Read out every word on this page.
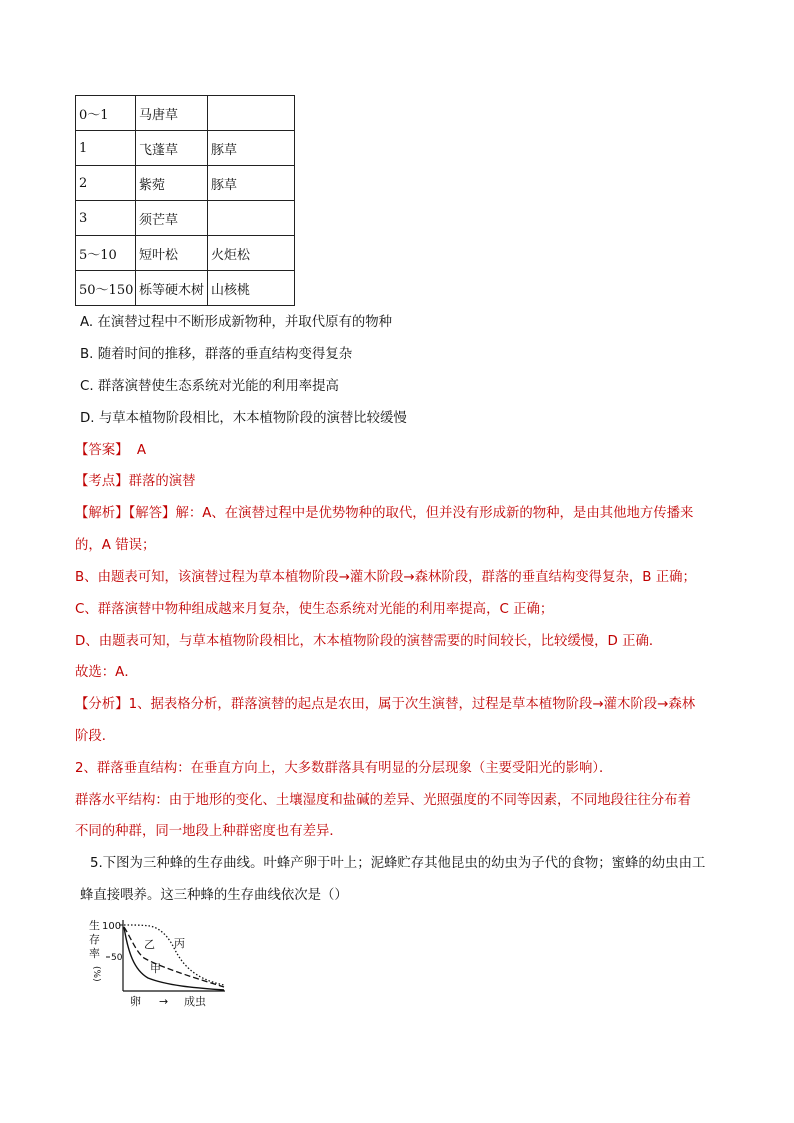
0～1	马唐草	
1	飞蓬草	豚草
2	紫菀	豚草
3	须芒草	
5～10	短叶松	火炬松
50～150	栎等硬木树	山核桃
A. 在演替过程中不断形成新物种，并取代原有的物种
B. 随着时间的推移，群落的垂直结构变得复杂
C. 群落演替使生态系统对光能的利用率提高
D. 与草本植物阶段相比，木本植物阶段的演替比较缓慢
【答案】 A
【考点】群落的演替
【解析】【解答】解：A、在演替过程中是优势物种的取代，但并没有形成新的物种，是由其他地方传播来
的，A 错误；
B、由题表可知，该演替过程为草本植物阶段→灌木阶段→森林阶段，群落的垂直结构变得复杂，B 正确；
C、群落演替中物种组成越来月复杂，使生态系统对光能的利用率提高，C 正确；
D、由题表可知，与草本植物阶段相比，木本植物阶段的演替需要的时间较长，比较缓慢，D 正确．
故选：A．
【分析】1、据表格分析，群落演替的起点是农田，属于次生演替，过程是草本植物阶段→灌木阶段→森林
阶段．
2、群落垂直结构：在垂直方向上，大多数群落具有明显的分层现象（主要受阳光的影响）．
群落水平结构：由于地形的变化、土壤湿度和盐碱的差异、光照强度的不同等因素，不同地段往往分布着
不同的种群，同一地段上种群密度也有差异．
5.下图为三种蜂的生存曲线。叶蜂产卵于叶上；泥蜂贮存其他昆虫的幼虫为子代的食物；蜜蜂的幼虫由工
蜂直接喂养。这三种蜂的生存曲线依次是（）
生
存
率
(%)
100
50
乙 丙
甲
卵 → 成虫
